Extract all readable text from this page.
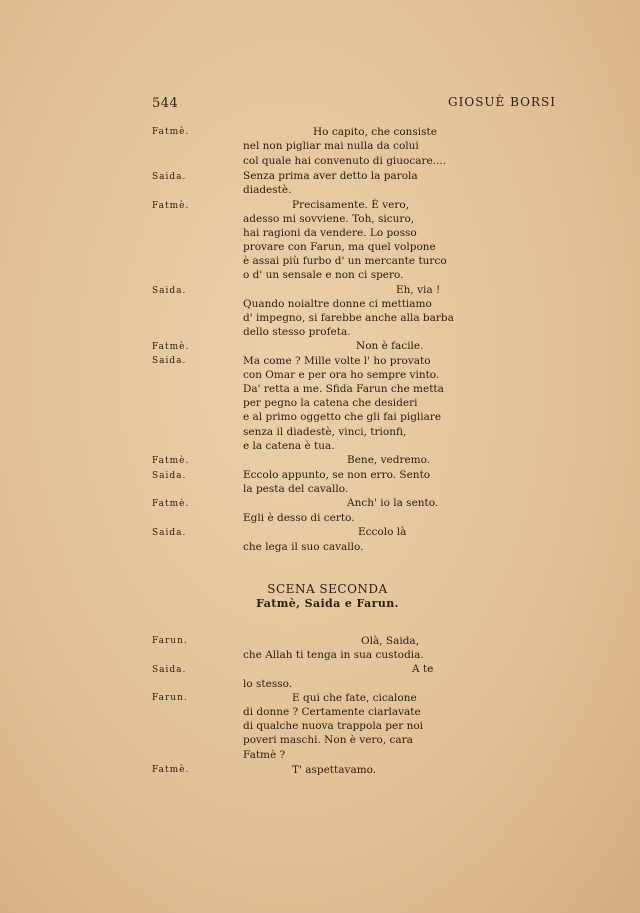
544	GIOSUÈ BORSI
Fatmè.
Saida.
Fatmè.
Saida.
Fatmè.
Saida.
Fatmè.
Saida.
Fatmè.
Saida.
Farun.
Saida.
Farun.
Fatmè.
Ho capito, che consiste
nel non pigliar mai nulla da colui
col quale hai convenuto di giuocare....
Senza prima aver detto la parola
diadestè.
Precisamente. È vero,
adesso mi sovviene. Toh, sicuro,
hai ragioni da vendere. Lo posso
provare con Farun, ma quel volpone
è assai più furbo d' un mercante turco
o d' un sensale e non ci spero.
Eh, via !
Quando noialtre donne ci mettiamo
d' impegno, si farebbe anche alla barba
dello stesso profeta.
Non è facile.
Ma come ? Mille volte l' ho provato
con Omar e per ora ho sempre vinto.
Da' retta a me. Sfida Farun che metta
per pegno la catena che desideri
e al primo oggetto che gli fai pigliare
senza il diadestè, vinci, trionfi,
e la catena è tua.
Bene, vedremo.
Eccolo appunto, se non erro. Sento
la pesta del cavallo.
Anch' io la sento.
Egli è desso di certo.
Eccolo là
che lega il suo cavallo.
SCENA SECONDA
Fatmè, Saida e Farun.
Olà, Saida,
che Allah ti tenga in sua custodia.
A te
lo stesso.
E qui che fate, cicalone
di donne ? Certamente ciarlavate
di qualche nuova trappola per noi
poveri maschi. Non è vero, cara
Fatmè ?
T' aspettavamo.
